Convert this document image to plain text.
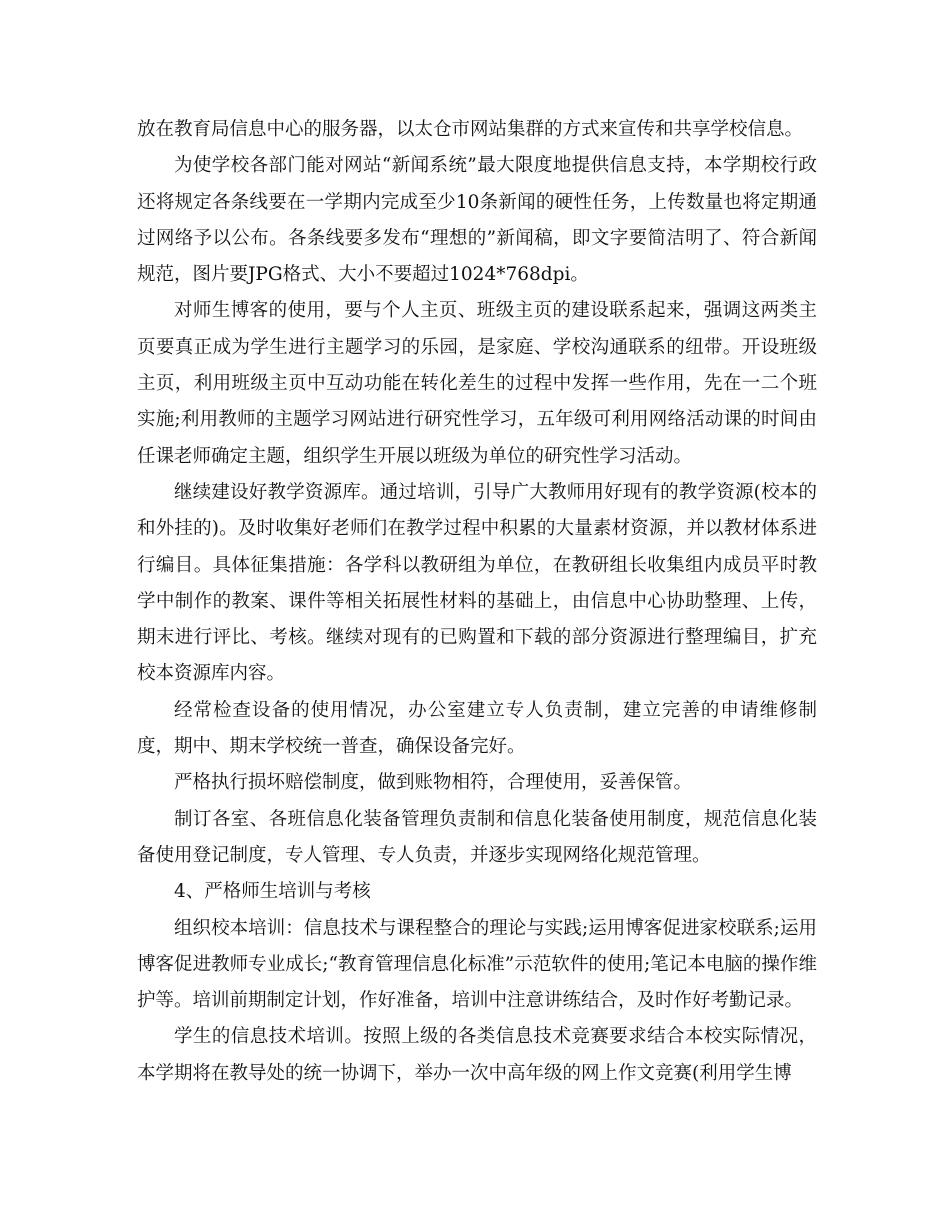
放在教育局信息中心的服务器，以太仓市网站集群的方式来宣传和共享学校信息。

为使学校各部门能对网站“新闻系统”最大限度地提供信息支持，本学期校行政还将规定各条线要在一学期内完成至少10条新闻的硬性任务，上传数量也将定期通过网络予以公布。各条线要多发布“理想的”新闻稿，即文字要简洁明了、符合新闻规范，图片要JPG格式、大小不要超过1024*768dpi。

对师生博客的使用，要与个人主页、班级主页的建设联系起来，强调这两类主页要真正成为学生进行主题学习的乐园，是家庭、学校沟通联系的纽带。开设班级主页，利用班级主页中互动功能在转化差生的过程中发挥一些作用，先在一二个班实施;利用教师的主题学习网站进行研究性学习，五年级可利用网络活动课的时间由任课老师确定主题，组织学生开展以班级为单位的研究性学习活动。

继续建设好教学资源库。通过培训，引导广大教师用好现有的教学资源(校本的和外挂的)。及时收集好老师们在教学过程中积累的大量素材资源，并以教材体系进行编目。具体征集措施：各学科以教研组为单位，在教研组长收集组内成员平时教学中制作的教案、课件等相关拓展性材料的基础上，由信息中心协助整理、上传，期末进行评比、考核。继续对现有的已购置和下载的部分资源进行整理编目，扩充校本资源库内容。

经常检查设备的使用情况，办公室建立专人负责制，建立完善的申请维修制度，期中、期末学校统一普查，确保设备完好。

严格执行损坏赔偿制度，做到账物相符，合理使用，妥善保管。

制订各室、各班信息化装备管理负责制和信息化装备使用制度，规范信息化装备使用登记制度，专人管理、专人负责，并逐步实现网络化规范管理。

4、严格师生培训与考核

组织校本培训：信息技术与课程整合的理论与实践;运用博客促进家校联系;运用博客促进教师专业成长;“教育管理信息化标准”示范软件的使用;笔记本电脑的操作维护等。培训前期制定计划，作好准备，培训中注意讲练结合，及时作好考勤记录。

学生的信息技术培训。按照上级的各类信息技术竞赛要求结合本校实际情况，本学期将在教导处的统一协调下，举办一次中高年级的网上作文竞赛(利用学生博
